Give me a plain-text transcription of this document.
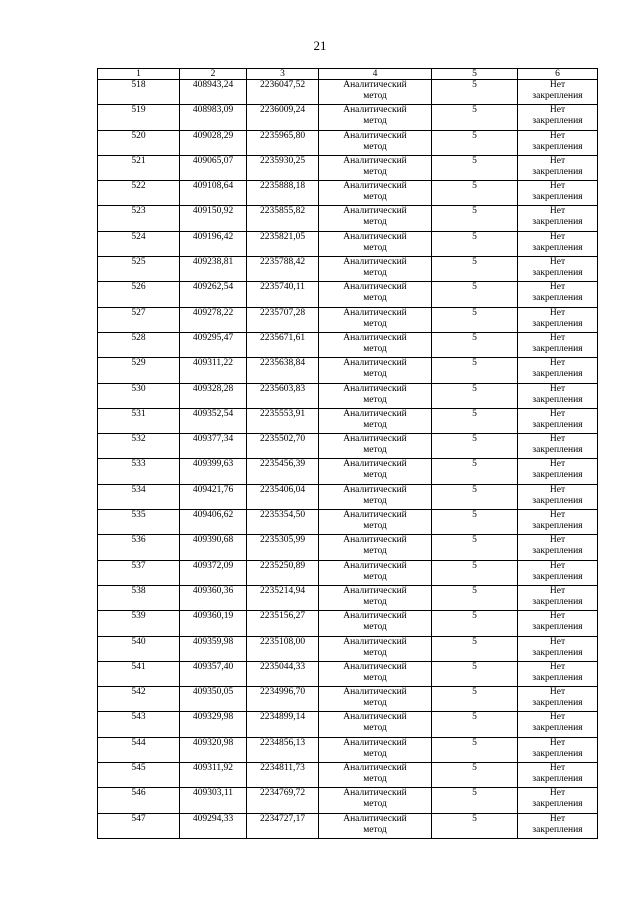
21
1	2	3	4	5	6

518	408943,24	2236047,52	Аналитический
метод	5	Нет
закрепления

519	408983,09	2236009,24	Аналитический
метод	5	Нет
закрепления

520	409028,29	2235965,80	Аналитический
метод	5	Нет
закрепления

521	409065,07	2235930,25	Аналитический
метод	5	Нет
закрепления

522	409108,64	2235888,18	Аналитический
метод	5	Нет
закрепления

523	409150,92	2235855,82	Аналитический
метод	5	Нет
закрепления

524	409196,42	2235821,05	Аналитический
метод	5	Нет
закрепления

525	409238,81	2235788,42	Аналитический
метод	5	Нет
закрепления

526	409262,54	2235740,11	Аналитический
метод	5	Нет
закрепления

527	409278,22	2235707,28	Аналитический
метод	5	Нет
закрепления

528	409295,47	2235671,61	Аналитический
метод	5	Нет
закрепления

529	409311,22	2235638,84	Аналитический
метод	5	Нет
закрепления

530	409328,28	2235603,83	Аналитический
метод	5	Нет
закрепления

531	409352,54	2235553,91	Аналитический
метод	5	Нет
закрепления

532	409377,34	2235502,70	Аналитический
метод	5	Нет
закрепления

533	409399,63	2235456,39	Аналитический
метод	5	Нет
закрепления

534	409421,76	2235406,04	Аналитический
метод	5	Нет
закрепления

535	409406,62	2235354,50	Аналитический
метод	5	Нет
закрепления

536	409390,68	2235305,99	Аналитический
метод	5	Нет
закрепления

537	409372,09	2235250,89	Аналитический
метод	5	Нет
закрепления

538	409360,36	2235214,94	Аналитический
метод	5	Нет
закрепления

539	409360,19	2235156,27	Аналитический
метод	5	Нет
закрепления

540	409359,98	2235108,00	Аналитический
метод	5	Нет
закрепления

541	409357,40	2235044,33	Аналитический
метод	5	Нет
закрепления

542	409350,05	2234996,70	Аналитический
метод	5	Нет
закрепления

543	409329,98	2234899,14	Аналитический
метод	5	Нет
закрепления

544	409320,98	2234856,13	Аналитический
метод	5	Нет
закрепления

545	409311,92	2234811,73	Аналитический
метод	5	Нет
закрепления

546	409303,11	2234769,72	Аналитический
метод	5	Нет
закрепления

547	409294,33	2234727,17	Аналитический
метод	5	Нет
закрепления
